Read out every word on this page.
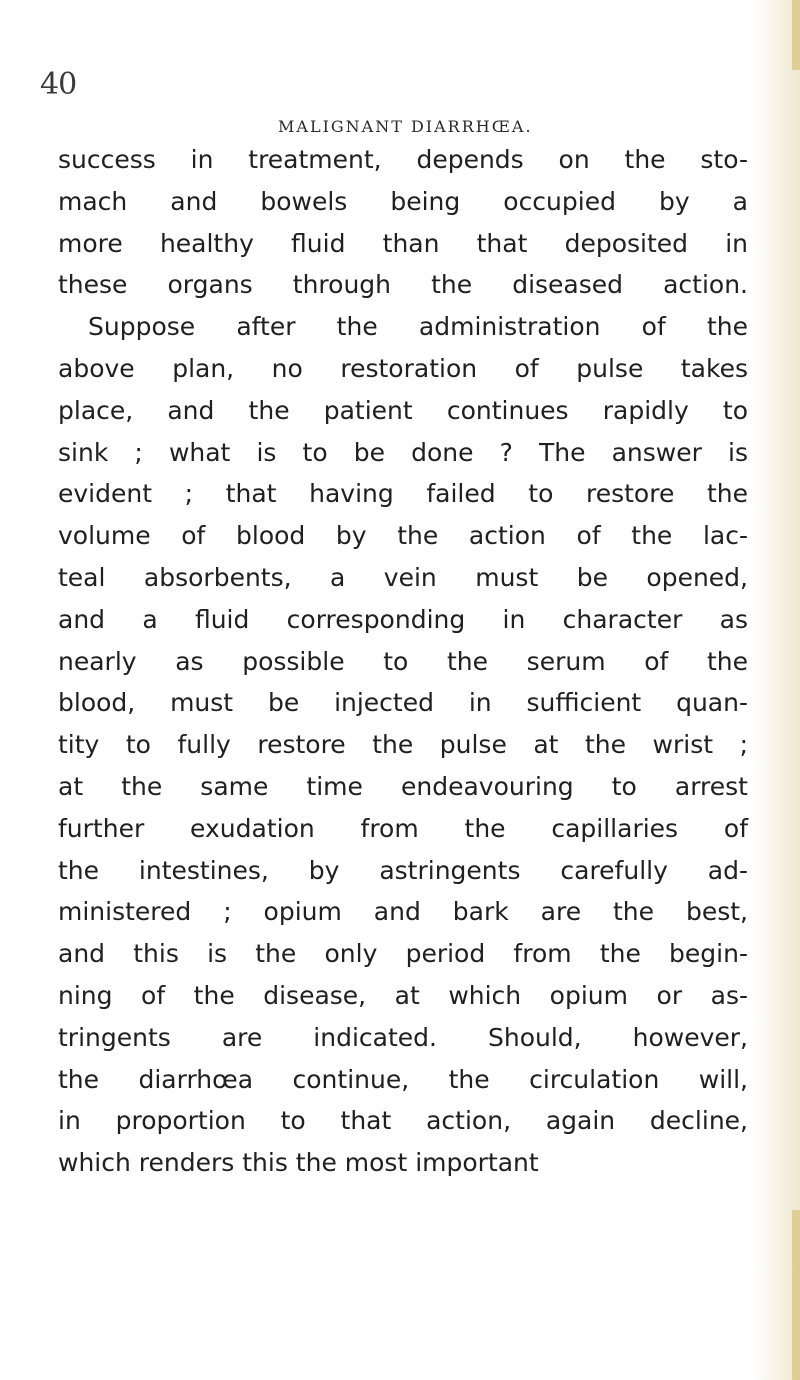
40
MALIGNANT DIARRHŒA.
success in treatment, depends on the sto-
mach and bowels being occupied by a
more healthy fluid than that deposited in
these organs through the diseased action.
Suppose after the administration of the
above plan, no restoration of pulse takes
place, and the patient continues rapidly to
sink ; what is to be done ? The answer is
evident ; that having failed to restore the
volume of blood by the action of the lac-
teal absorbents, a vein must be opened,
and a fluid corresponding in character as
nearly as possible to the serum of the
blood, must be injected in sufficient quan-
tity to fully restore the pulse at the wrist ;
at the same time endeavouring to arrest
further exudation from the capillaries of
the intestines, by astringents carefully ad-
ministered ; opium and bark are the best,
and this is the only period from the begin-
ning of the disease, at which opium or as-
tringents are indicated. Should, however,
the diarrhœa continue, the circulation will,
in proportion to that action, again decline,
which renders this the most important
